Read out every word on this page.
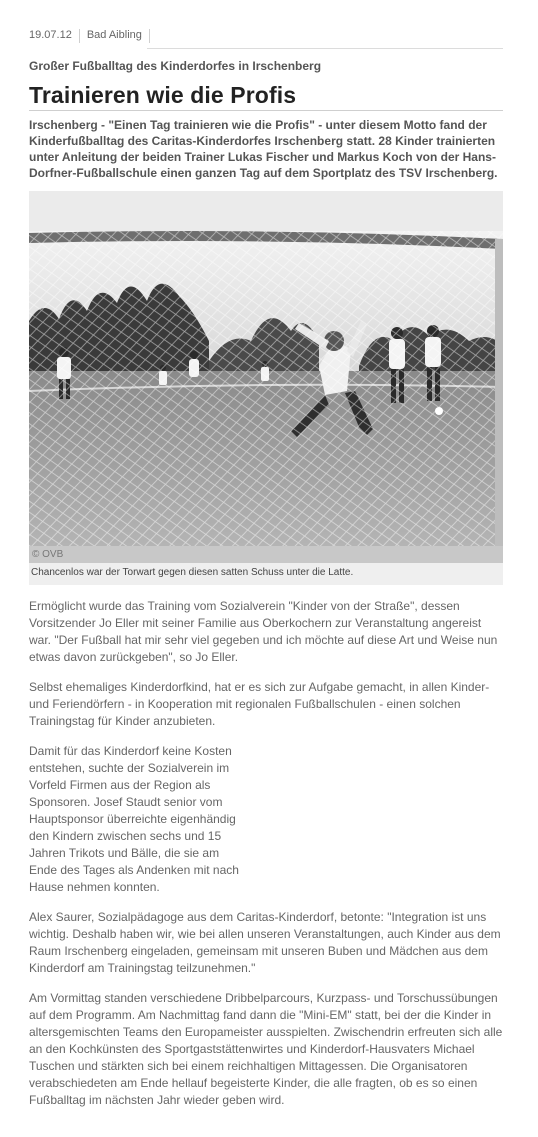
19.07.12 Bad Aibling
Großer Fußballtag des Kinderdorfes in Irschenberg
Trainieren wie die Profis
Irschenberg - "Einen Tag trainieren wie die Profis" - unter diesem Motto fand der Kinderfußballtag des Caritas-Kinderdorfes Irschenberg statt. 28 Kinder trainierten unter Anleitung der beiden Trainer Lukas Fischer und Markus Koch von der Hans-Dorfner-Fußballschule einen ganzen Tag auf dem Sportplatz des TSV Irschenberg.
© OVB
Chancenlos war der Torwart gegen diesen satten Schuss unter die Latte.

Ermöglicht wurde das Training vom Sozialverein "Kinder von der Straße", dessen Vorsitzender Jo Eller mit seiner Familie aus Oberkochern zur Veranstaltung angereist war. "Der Fußball hat mir sehr viel gegeben und ich möchte auf diese Art und Weise nun etwas davon zurückgeben", so Jo Eller.

Selbst ehemaliges Kinderdorfkind, hat er es sich zur Aufgabe gemacht, in allen Kinder- und Feriendörfern - in Kooperation mit regionalen Fußballschulen - einen solchen Trainingstag für Kinder anzubieten.

Damit für das Kinderdorf keine Kosten entstehen, suchte der Sozialverein im Vorfeld Firmen aus der Region als Sponsoren. Josef Staudt senior vom Hauptsponsor überreichte eigenhändig den Kindern zwischen sechs und 15 Jahren Trikots und Bälle, die sie am Ende des Tages als Andenken mit nach Hause nehmen konnten.

Alex Saurer, Sozialpädagoge aus dem Caritas-Kinderdorf, betonte: "Integration ist uns wichtig. Deshalb haben wir, wie bei allen unseren Veranstaltungen, auch Kinder aus dem Raum Irschenberg eingeladen, gemeinsam mit unseren Buben und Mädchen aus dem Kinderdorf am Trainingstag teilzunehmen."

Am Vormittag standen verschiedene Dribbelparcours, Kurzpass- und Torschussübungen auf dem Programm. Am Nachmittag fand dann die "Mini-EM" statt, bei der die Kinder in altersgemischten Teams den Europameister ausspielten. Zwischendrin erfreuten sich alle an den Kochkünsten des Sportgaststättenwirtes und Kinderdorf-Hausvaters Michael Tuschen und stärkten sich bei einem reichhaltigen Mittagessen. Die Organisatoren verabschiedeten am Ende hellauf begeisterte Kinder, die alle fragten, ob es so einen Fußballtag im nächsten Jahr wieder geben wird.
